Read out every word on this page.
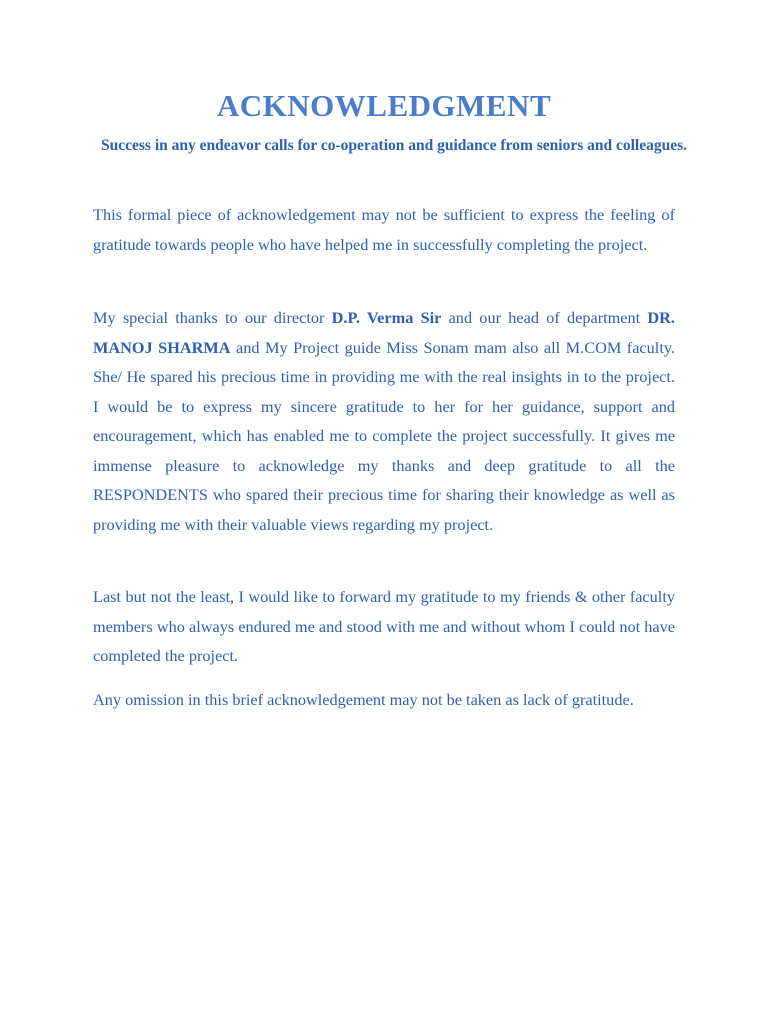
ACKNOWLEDGMENT
Success in any endeavor calls for co-operation and guidance from seniors and colleagues.

This formal piece of acknowledgement may not be sufficient to express the feeling of gratitude towards people who have helped me in successfully completing the project.

My special thanks to our director D.P. Verma Sir and our head of department DR. MANOJ SHARMA and My Project guide Miss Sonam mam also all M.COM faculty. She/ He spared his precious time in providing me with the real insights in to the project. I would be to express my sincere gratitude to her for her guidance, support and encouragement, which has enabled me to complete the project successfully. It gives me immense pleasure to acknowledge my thanks and deep gratitude to all the RESPONDENTS who spared their precious time for sharing their knowledge as well as providing me with their valuable views regarding my project.

Last but not the least, I would like to forward my gratitude to my friends & other faculty members who always endured me and stood with me and without whom I could not have completed the project.

Any omission in this brief acknowledgement may not be taken as lack of gratitude.
